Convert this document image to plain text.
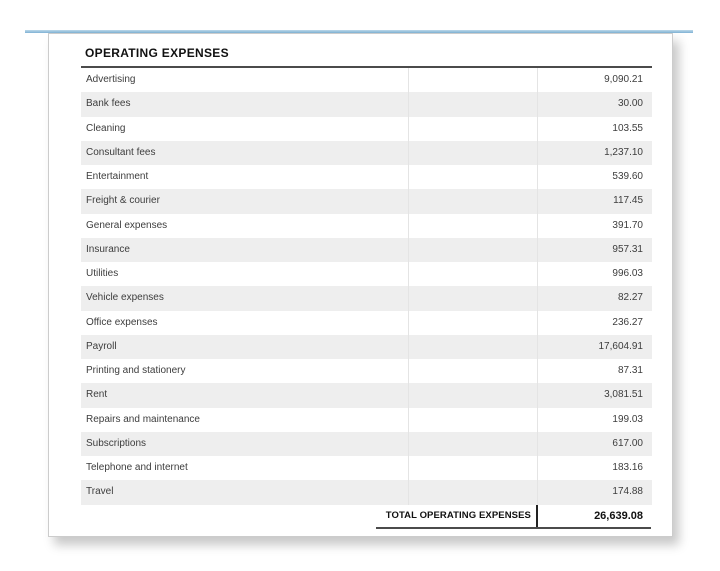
OPERATING EXPENSES
Advertising	9,090.21
Bank fees	30.00
Cleaning	103.55
Consultant fees	1,237.10
Entertainment	539.60
Freight & courier	117.45
General expenses	391.70
Insurance	957.31
Utilities	996.03
Vehicle expenses	82.27
Office expenses	236.27
Payroll	17,604.91
Printing and stationery	87.31
Rent	3,081.51
Repairs and maintenance	199.03
Subscriptions	617.00
Telephone and internet	183.16
Travel	174.88
TOTAL OPERATING EXPENSES	26,639.08
